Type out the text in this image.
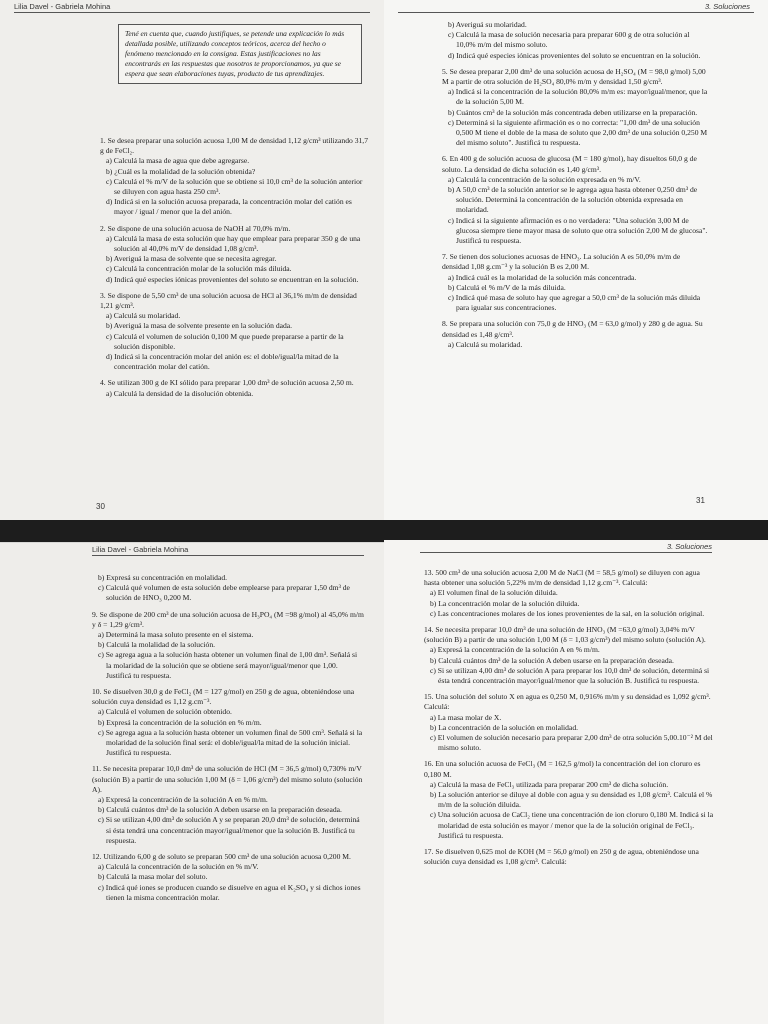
Lilia Davel - Gabriela Mohina
Tené en cuenta que, cuando justifiques, se petende una explicación lo más detallada posible, utilizando conceptos teóricos, acerca del hecho o fenómeno mencionado en la consigna. Estas justificaciones no las encontrarás en las respuestas que nosotros te proporcionamos, ya que se espera que sean elaboraciones tuyas, producto de tus aprendizajes.
1. Se desea preparar una solución acuosa 1,00 M de densidad 1,12 g/cm³ utilizando 31,7 g de FeCl₂.
a) Calculá la masa de agua que debe agregarse.
b) ¿Cuál es la molalidad de la solución obtenida?
c) Calculá el % m/V de la solución que se obtiene si 10,0 cm³ de la solución anterior se diluyen con agua hasta 250 cm³.
d) Indicá si en la solución acuosa preparada, la concentración molar del catión es mayor / igual / menor que la del anión.
2. Se dispone de una solución acuosa de NaOH al 70,0% m/m.
a) Calculá la masa de esta solución que hay que emplear para preparar 350 g de una solución al 40,0% m/V de densidad 1,08 g/cm³.
b) Averiguá la masa de solvente que se necesita agregar.
c) Calculá la concentración molar de la solución más diluida.
d) Indicá qué especies iónicas provenientes del soluto se encuentran en la solución.
3. Se dispone de 5,50 cm³ de una solución acuosa de HCl al 36,1% m/m de densidad 1,21 g/cm³.
a) Calculá su molaridad.
b) Averiguá la masa de solvente presente en la solución dada.
c) Calculá el volumen de solución 0,100 M que puede prepararse a partir de la solución disponible.
d) Indicá si la concentración molar del anión es: el doble/igual/la mitad de la concentración molar del catión.
4. Se utilizan 300 g de KI sólido para preparar 1,00 dm³ de solución acuosa 2,50 m.
a) Calculá la densidad de la disolución obtenida.
30
3. Soluciones
b) Averiguá su molaridad.
c) Calculá la masa de solución necesaria para preparar 600 g de otra solución al 10,0% m/m del mismo soluto.
d) Indicá qué especies iónicas provenientes del soluto se encuentran en la solución.
5. Se desea preparar 2,00 dm³ de una solución acuosa de H₂SO₄ (M = 98,0 g/mol) 5,00 M a partir de otra solución de H₂SO₄ 80,0% m/m y densidad 1,50 g/cm³.
a) Indicá si la concentración de la solución 80,0% m/m es: mayor/igual/menor, que la de la solución 5,00 M.
b) Cuántos cm³ de la solución más concentrada deben utilizarse en la preparación.
c) Determiná si la siguiente afirmación es o no correcta: "1,00 dm³ de una solución 0,500 M tiene el doble de la masa de soluto que 2,00 dm³ de una solución 0,250 M del mismo soluto". Justificá tu respuesta.
6. En 400 g de solución acuosa de glucosa (M = 180 g/mol), hay disueltos 60,0 g de soluto. La densidad de dicha solución es 1,40 g/cm³.
a) Calculá la concentración de la solución expresada en % m/V.
b) A 50,0 cm³ de la solución anterior se le agrega agua hasta obtener 0,250 dm³ de solución. Determiná la concentración de la solución obtenida expresada en molaridad.
c) Indicá si la siguiente afirmación es o no verdadera: "Una solución 3,00 M de glucosa siempre tiene mayor masa de soluto que otra solución 2,00 M de glucosa". Justificá tu respuesta.
7. Se tienen dos soluciones acuosas de HNO₃. La solución A es 50,0% m/m de densidad 1,08 g.cm⁻³ y la solución B es 2,00 M.
a) Indicá cuál es la molaridad de la solución más concentrada.
b) Calculá el % m/V de la más diluida.
c) Indicá qué masa de soluto hay que agregar a 50,0 cm³ de la solución más diluida para igualar sus concentraciones.
8. Se prepara una solución con 75,0 g de HNO₃ (M = 63,0 g/mol) y 280 g de agua. Su densidad es 1,48 g/cm³.
a) Calculá su molaridad.
31
Lilia Davel - Gabriela Mohina
b) Expresá su concentración en molalidad.
c) Calculá qué volumen de esta solución debe emplearse para preparar 1,50 dm³ de solución de HNO₃ 0,200 M.
9. Se dispone de 200 cm³ de una solución acuosa de H₃PO₄ (M =98 g/mol) al 45,0% m/m y δ = 1,29 g/cm³.
a) Determiná la masa soluto presente en el sistema.
b) Calculá la molalidad de la solución.
c) Se agrega agua a la solución hasta obtener un volumen final de 1,00 dm³. Señalá si la molaridad de la solución que se obtiene será mayor/igual/menor que 1,00. Justificá tu respuesta.
10. Se disuelven 30,0 g de FeCl₂ (M = 127 g/mol) en 250 g de agua, obteniéndose una solución cuya densidad es 1,12 g.cm⁻³.
a) Calculá el volumen de solución obtenido.
b) Expresá la concentración de la solución en % m/m.
c) Se agrega agua a la solución hasta obtener un volumen final de 500 cm³. Señalá si la molaridad de la solución final será: el doble/igual/la mitad de la solución inicial. Justificá tu respuesta.
11. Se necesita preparar 10,0 dm³ de una solución de HCl (M = 36,5 g/mol) 0,730% m/V (solución B) a partir de una solución 1,00 M (δ = 1,06 g/cm³) del mismo soluto (solución A).
a) Expresá la concentración de la solución A en % m/m.
b) Calculá cuántos dm³ de la solución A deben usarse en la preparación deseada.
c) Si se utilizan 4,00 dm³ de solución A y se preparan 20,0 dm³ de solución, determiná si ésta tendrá una concentración mayor/igual/menor que la solución B. Justificá tu respuesta.
12. Utilizando 6,00 g de soluto se preparan 500 cm³ de una solución acuosa 0,200 M.
a) Calculá la concentración de la solución en % m/V.
b) Calculá la masa molar del soluto.
c) Indicá qué iones se producen cuando se disuelve en agua el K₂SO₄ y si dichos iones tienen la misma concentración molar.
3. Soluciones
13. 500 cm³ de una solución acuosa 2,00 M de NaCl (M = 58,5 g/mol) se diluyen con agua hasta obtener una solución 5,22% m/m de densidad 1,12 g.cm⁻³. Calculá:
a) El volumen final de la solución diluida.
b) La concentración molar de la solución diluida.
c) Las concentraciones molares de los iones provenientes de la sal, en la solución original.
14. Se necesita preparar 10,0 dm³ de una solución de HNO₃ (M =63,0 g/mol) 3,04% m/V (solución B) a partir de una solución 1,00 M (δ = 1,03 g/cm³) del mismo soluto (solución A).
a) Expresá la concentración de la solución A en % m/m.
b) Calculá cuántos dm³ de la solución A deben usarse en la preparación deseada.
c) Si se utilizan 4,00 dm³ de solución A para preparar los 10,0 dm³ de solución, determiná si ésta tendrá concentración mayor/igual/menor que la solución B. Justificá tu respuesta.
15. Una solución del soluto X en agua es 0,250 M, 0,916% m/m y su densidad es 1,092 g/cm³. Calculá:
a) La masa molar de X.
b) La concentración de la solución en molalidad.
c) El volumen de solución necesario para preparar 2,00 dm³ de otra solución 5,00.10⁻² M del mismo soluto.
16. En una solución acuosa de FeCl₃ (M = 162,5 g/mol) la concentración del ion cloruro es 0,180 M.
a) Calculá la masa de FeCl₃ utilizada para preparar 200 cm³ de dicha solución.
b) La solución anterior se diluye al doble con agua y su densidad es 1,08 g/cm³. Calculá el % m/m de la solución diluida.
c) Una solución acuosa de CaCl₂ tiene una concentración de ion cloruro 0,180 M. Indicá si la molaridad de esta solución es mayor / menor que la de la solución original de FeCl₃. Justificá tu respuesta.
17. Se disuelven 0,625 mol de KOH (M = 56,0 g/mol) en 250 g de agua, obteniéndose una solución cuya densidad es 1,08 g/cm³. Calculá:
